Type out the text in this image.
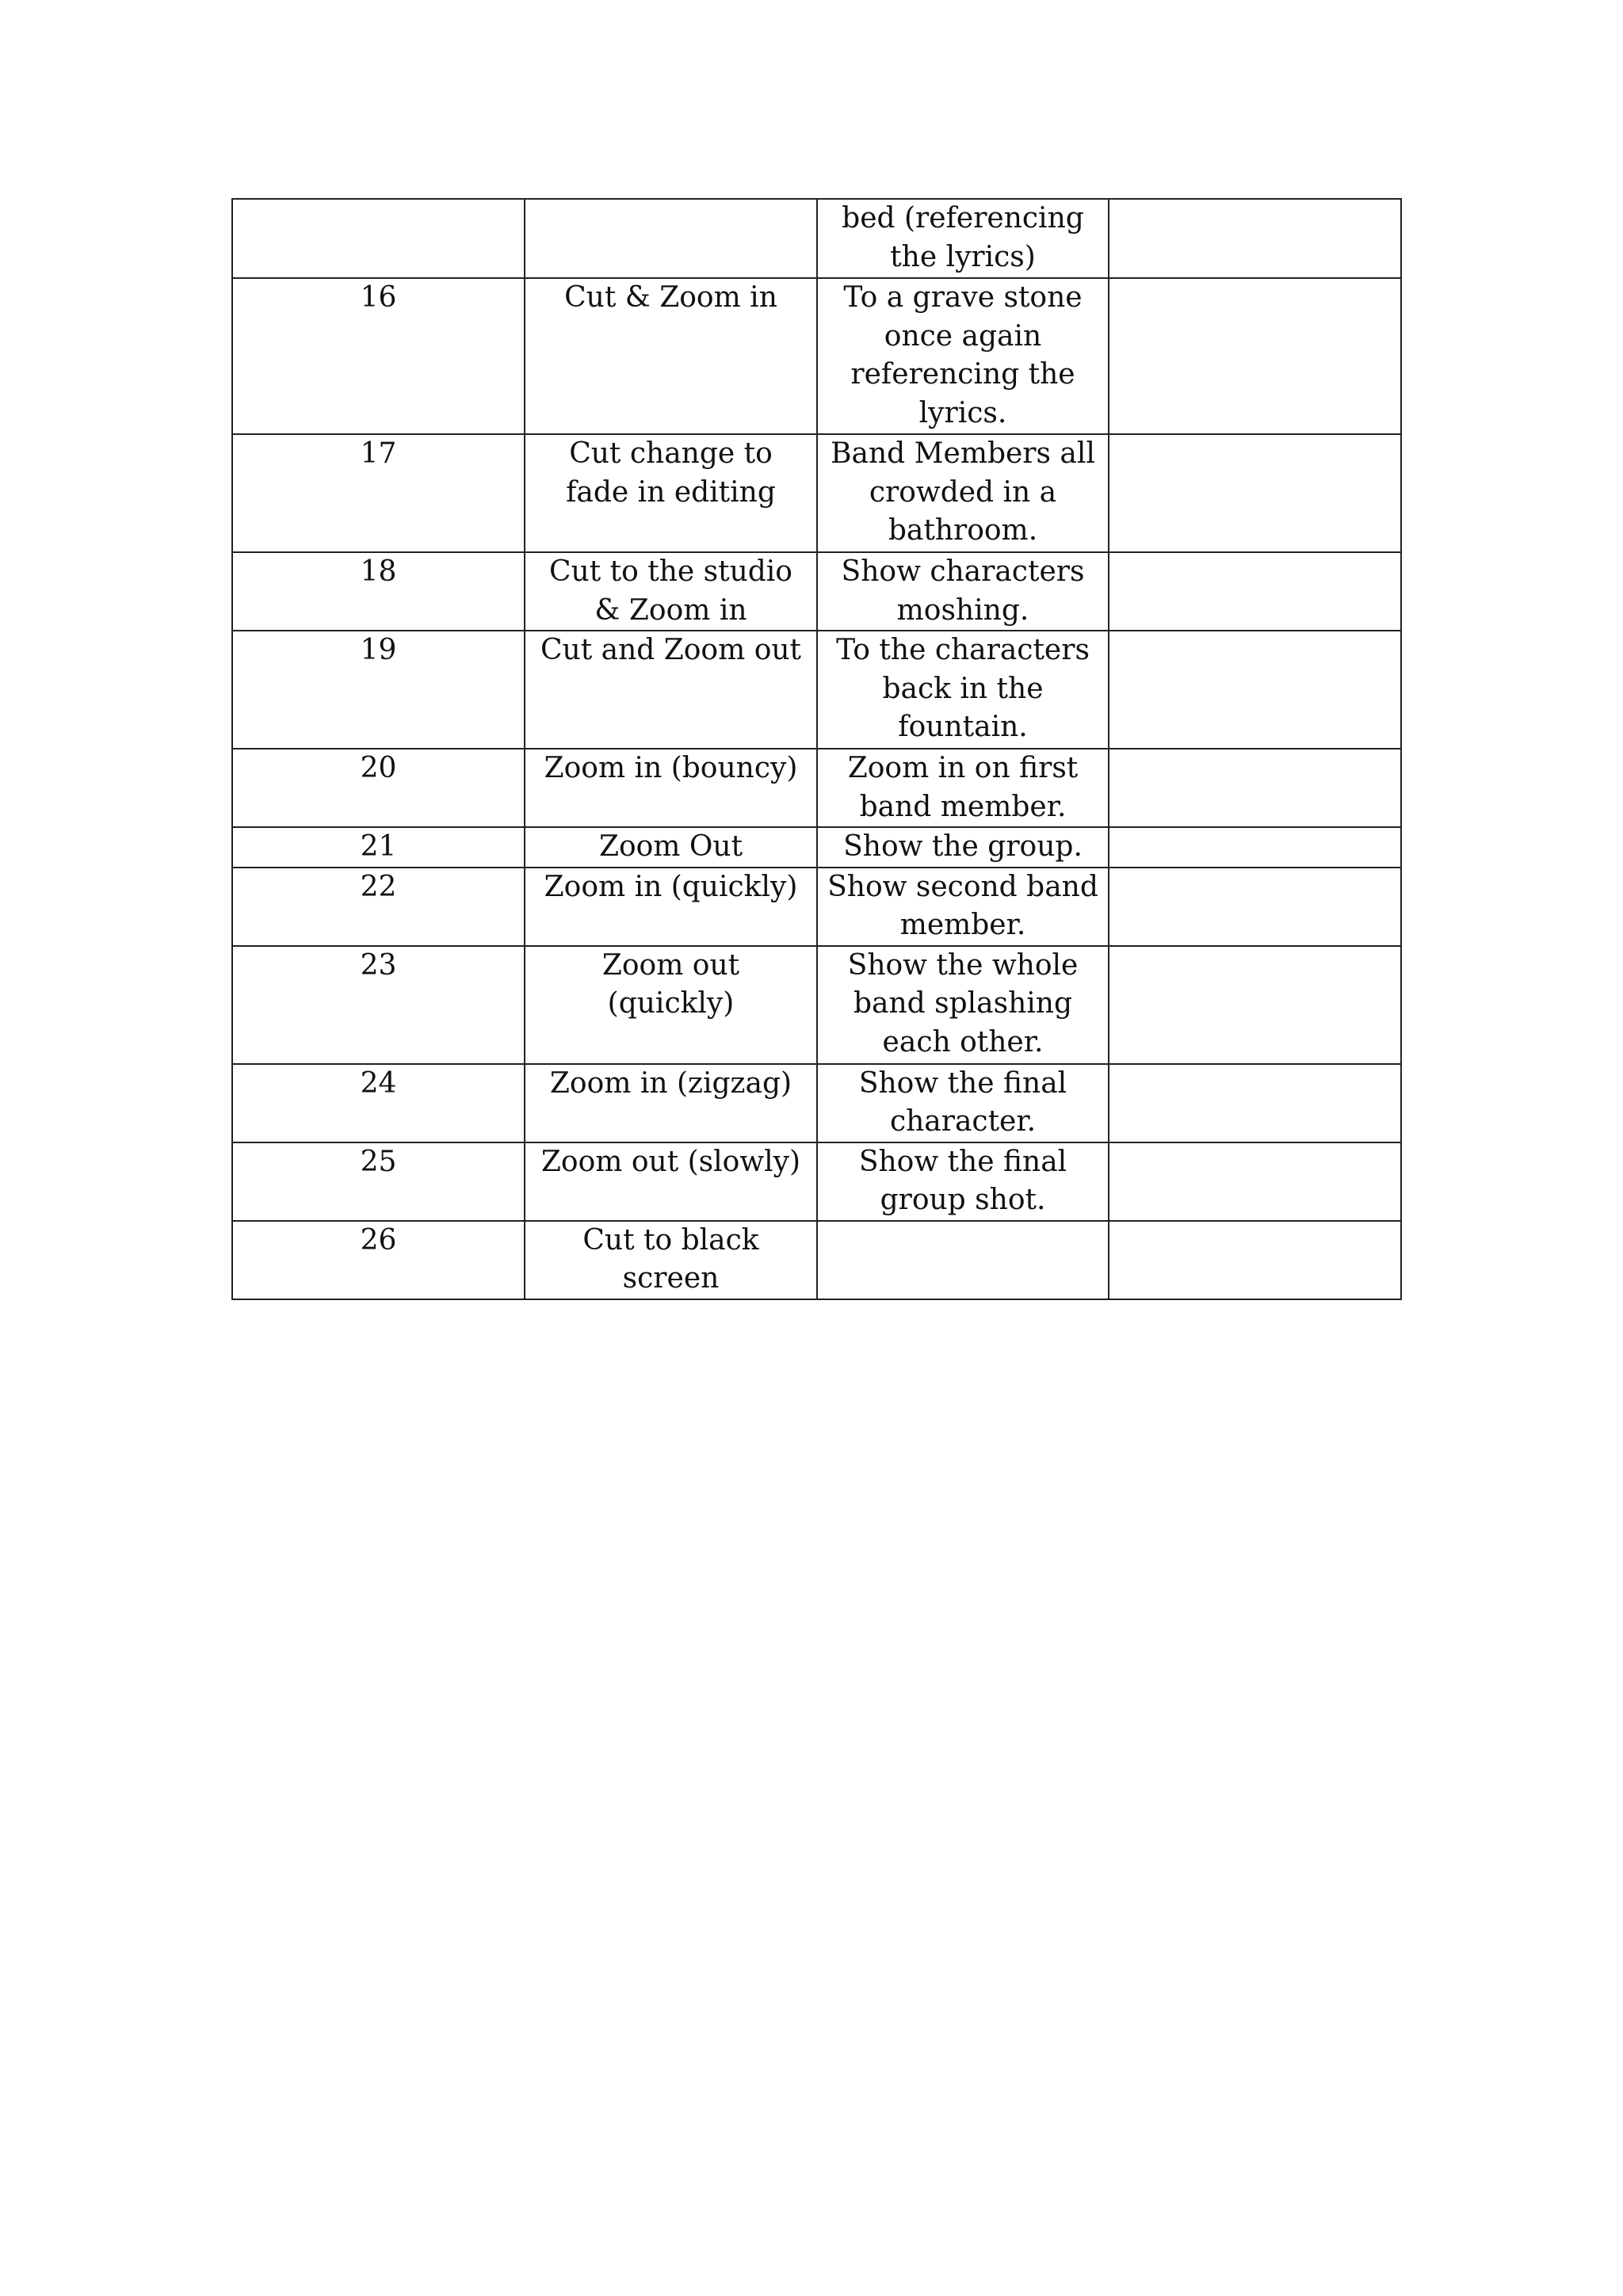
		bed (referencing the lyrics)	
16	Cut & Zoom in	To a grave stone once again referencing the lyrics.	
17	Cut change to fade in editing	Band Members all crowded in a bathroom.	
18	Cut to the studio & Zoom in	Show characters moshing.	
19	Cut and Zoom out	To the characters back in the fountain.	
20	Zoom in (bouncy)	Zoom in on first band member.	
21	Zoom Out	Show the group.	
22	Zoom in (quickly)	Show second band member.	
23	Zoom out (quickly)	Show the whole band splashing each other.	
24	Zoom in (zigzag)	Show the final character.	
25	Zoom out (slowly)	Show the final group shot.	
26	Cut to black screen		
